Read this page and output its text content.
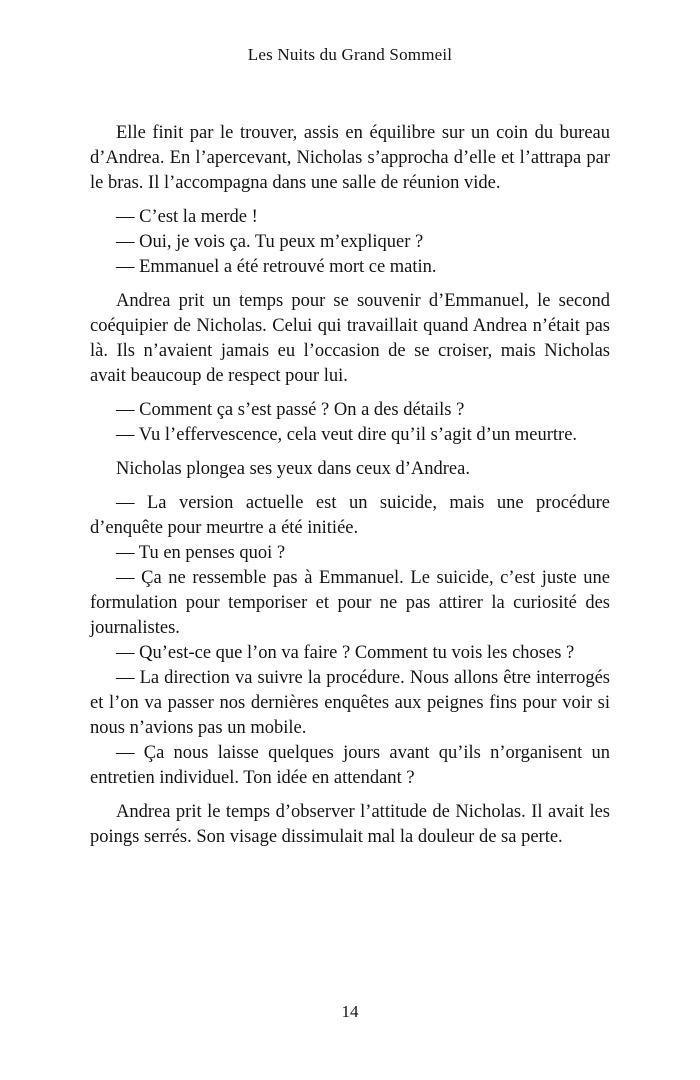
Les Nuits du Grand Sommeil

Elle finit par le trouver, assis en équilibre sur un coin du bureau d’Andrea. En l’apercevant, Nicholas s’approcha d’elle et l’attrapa par le bras. Il l’accompagna dans une salle de réunion vide.

— C’est la merde !

— Oui, je vois ça. Tu peux m’expliquer ?

— Emmanuel a été retrouvé mort ce matin.

Andrea prit un temps pour se souvenir d’Emmanuel, le second coéquipier de Nicholas. Celui qui travaillait quand Andrea n’était pas là. Ils n’avaient jamais eu l’occasion de se croiser, mais Nicholas avait beaucoup de respect pour lui.

— Comment ça s’est passé ? On a des détails ?

— Vu l’effervescence, cela veut dire qu’il s’agit d’un meurtre.

Nicholas plongea ses yeux dans ceux d’Andrea.

— La version actuelle est un suicide, mais une procédure d’enquête pour meurtre a été initiée.

— Tu en penses quoi ?

— Ça ne ressemble pas à Emmanuel. Le suicide, c’est juste une formulation pour temporiser et pour ne pas attirer la curiosité des journalistes.

— Qu’est-ce que l’on va faire ? Comment tu vois les choses ?

— La direction va suivre la procédure. Nous allons être interrogés et l’on va passer nos dernières enquêtes aux peignes fins pour voir si nous n’avions pas un mobile.

— Ça nous laisse quelques jours avant qu’ils n’organisent un entretien individuel. Ton idée en attendant ?

Andrea prit le temps d’observer l’attitude de Nicholas. Il avait les poings serrés. Son visage dissimulait mal la douleur de sa perte.

14
